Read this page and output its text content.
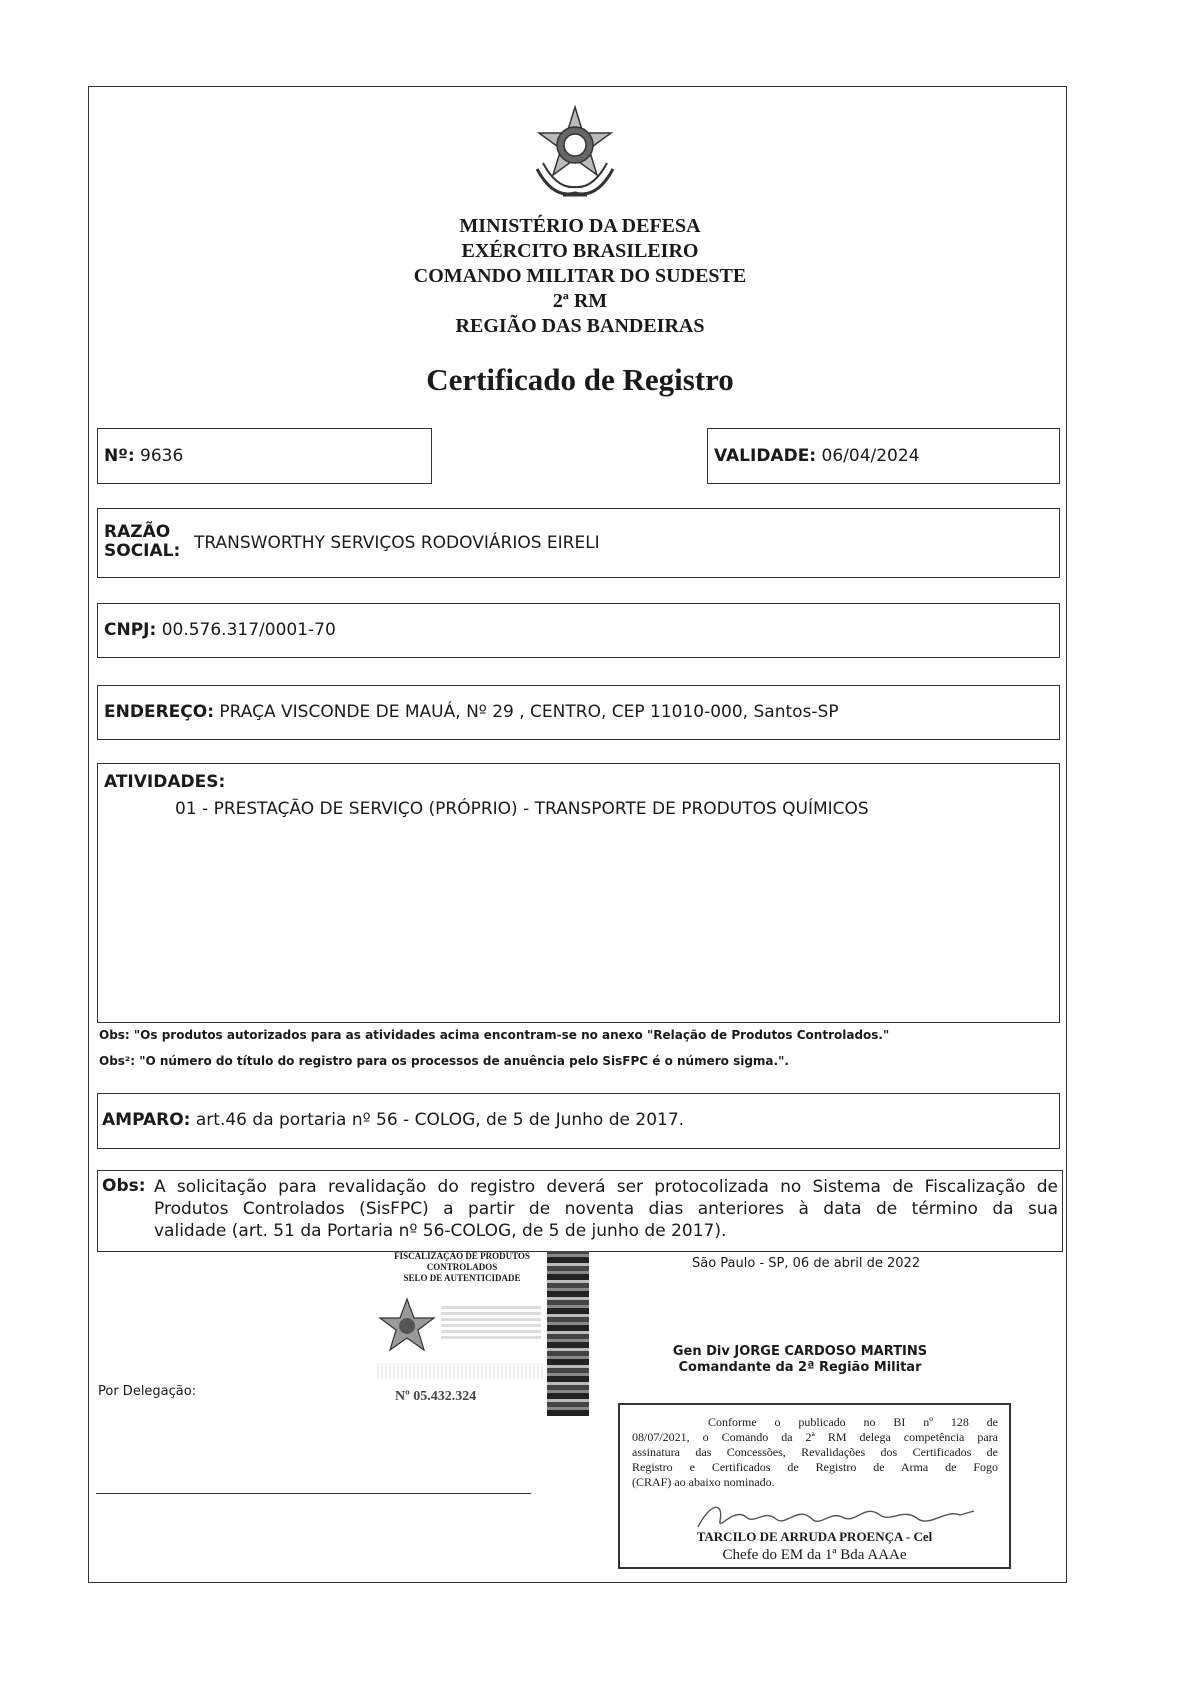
MINISTÉRIO DA DEFESA
EXÉRCITO BRASILEIRO
COMANDO MILITAR DO SUDESTE
2ª RM
REGIÃO DAS BANDEIRAS
Certificado de Registro
Nº: 9636	VALIDADE: 06/04/2024
RAZÃO
SOCIAL: TRANSWORTHY SERVIÇOS RODOVIÁRIOS EIRELI
CNPJ: 00.576.317/0001-70
ENDEREÇO: PRAÇA VISCONDE DE MAUÁ, Nº 29 , CENTRO, CEP 11010-000, Santos-SP
ATIVIDADES:
01 - PRESTAÇÃO DE SERVIÇO (PRÓPRIO) - TRANSPORTE DE PRODUTOS QUÍMICOS
Obs: "Os produtos autorizados para as atividades acima encontram-se no anexo "Relação de Produtos Controlados."
Obs²: "O número do título do registro para os processos de anuência pelo SisFPC é o número sigma.".
AMPARO: art.46 da portaria nº 56 - COLOG, de 5 de Junho de 2017.
Obs: A solicitação para revalidação do registro deverá ser protocolizada no Sistema de Fiscalização de
Produtos Controlados (SisFPC) a partir de noventa dias anteriores à data de término da sua
validade (art. 51 da Portaria nº 56-COLOG, de 5 de junho de 2017).
FISCALIZAÇÃO DE PRODUTOS
CONTROLADOS
SELO DE AUTENTICIDADE
Nº 05.432.324
São Paulo - SP, 06 de abril de 2022
Gen Div JORGE CARDOSO MARTINS
Comandante da 2ª Região Militar
Por Delegação:
Conforme o publicado no BI nº 128 de
08/07/2021, o Comando da 2ª RM delega competência para
assinatura das Concessões, Revalidações dos Certificados de
Registro e Certificados de Registro de Arma de Fogo
(CRAF) ao abaixo nominado.
TARCILO DE ARRUDA PROENÇA - Cel
Chefe do EM da 1ª Bda AAAe
